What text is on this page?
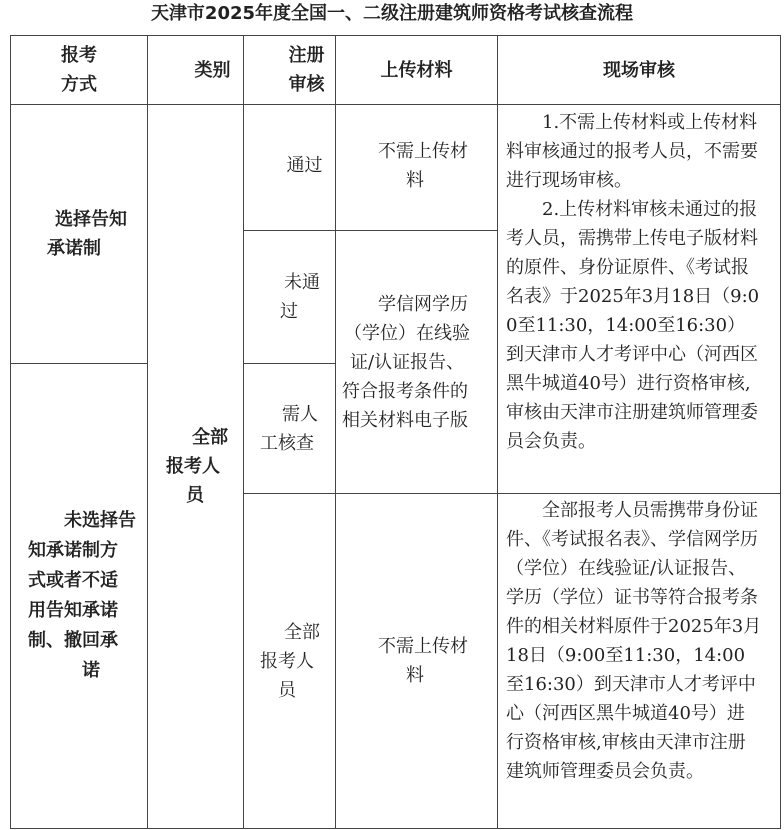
天津市2025年度全国一、二级注册建筑师资格考试核查流程
报考
方式
类别
注册
审核
上传材料	现场审核
选择告知
承诺制
未选择告
知承诺制方
式或者不适
用告知承诺
制、撤回承
诺
全部
报考人
员
通过
未通
过
需人
工核查
全部
报考人
员
不需上传材
料
学信网学历
（学位）在线验
证/认证报告、
符合报考条件的
相关材料电子版
不需上传材
料
1.不需上传材料或上传材料料审核通过的报考人员，不需要进行现场审核。
2.上传材料审核未通过的报考人员，需携带上传电子版材料的原件、身份证原件、《考试报名表》于2025年3月18日（9:00至11:30，14:00至16:30）到天津市人才考评中心（河西区黑牛城道40号）进行资格审核,审核由天津市注册建筑师管理委员会负责。
全部报考人员需携带身份证件、《考试报名表》、学信网学历（学位）在线验证/认证报告、学历（学位）证书等符合报考条件的相关材料原件于2025年3月18日（9:00至11:30，14:00至16:30）到天津市人才考评中心（河西区黑牛城道40号）进行资格审核,审核由天津市注册建筑师管理委员会负责。
